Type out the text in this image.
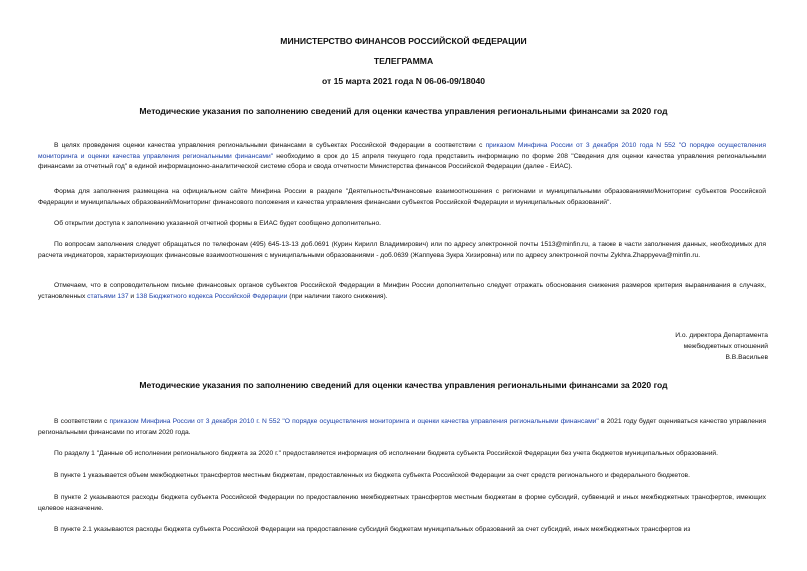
МИНИСТЕРСТВО ФИНАНСОВ РОССИЙСКОЙ ФЕДЕРАЦИИ
ТЕЛЕГРАММА
от 15 марта 2021 года N 06-06-09/18040
Методические указания по заполнению сведений для оценки качества управления региональными финансами за 2020 год

В целях проведения оценки качества управления региональными финансами в субъектах Российской Федерации в соответствии с приказом Минфина России от 3 декабря 2010 года N 552 "О порядке осуществления мониторинга и оценки качества управления региональными финансами" необходимо в срок до 15 апреля текущего года представить информацию по форме 208 "Сведения для оценки качества управления региональными финансами за отчетный год" в единой информационно-аналитической системе сбора и свода отчетности Министерства финансов Российской Федерации (далее - ЕИАС).

Форма для заполнения размещена на официальном сайте Минфина России в разделе "Деятельность/Финансовые взаимоотношения с регионами и муниципальными образованиями/Мониторинг субъектов Российской Федерации и муниципальных образований/Мониторинг финансового положения и качества управления финансами субъектов Российской Федерации и муниципальных образований".

Об открытии доступа к заполнению указанной отчетной формы в ЕИАС будет сообщено дополнительно.

По вопросам заполнения следует обращаться по телефонам (495) 645-13-13 доб.0691 (Курин Кирилл Владимирович) или по адресу электронной почты 1513@minfin.ru, а также в части заполнения данных, необходимых для расчета индикаторов, характеризующих финансовые взаимоотношения с муниципальными образованиями - доб.0639 (Жаппуева Зукра Хизировна) или по адресу электронной почты Zykhra.Zhappyeva@minfin.ru.

Отмечаем, что в сопроводительном письме финансовых органов субъектов Российской Федерации в Минфин России дополнительно следует отражать обоснования снижения размеров критерия выравнивания в случаях, установленных статьями 137 и 138 Бюджетного кодекса Российской Федерации (при наличии такого снижения).

И.о. директора Департамента
межбюджетных отношений
В.В.Васильев
Методические указания по заполнению сведений для оценки качества управления региональными финансами за 2020 год

В соответствии с приказом Минфина России от 3 декабря 2010 г. N 552 "О порядке осуществления мониторинга и оценки качества управления региональными финансами" в 2021 году будет оцениваться качество управления региональными финансами по итогам 2020 года.

По разделу 1 "Данные об исполнении регионального бюджета за 2020 г." предоставляется информация об исполнении бюджета субъекта Российской Федерации без учета бюджетов муниципальных образований.

В пункте 1 указывается объем межбюджетных трансфертов местным бюджетам, предоставленных из бюджета субъекта Российской Федерации за счет средств регионального и федерального бюджетов.

В пункте 2 указываются расходы бюджета субъекта Российской Федерации по предоставлению межбюджетных трансфертов местным бюджетам в форме субсидий, субвенций и иных межбюджетных трансфертов, имеющих целевое назначение.

В пункте 2.1 указываются расходы бюджета субъекта Российской Федерации на предоставление субсидий бюджетам муниципальных образований за счет субсидий, иных межбюджетных трансфертов из
